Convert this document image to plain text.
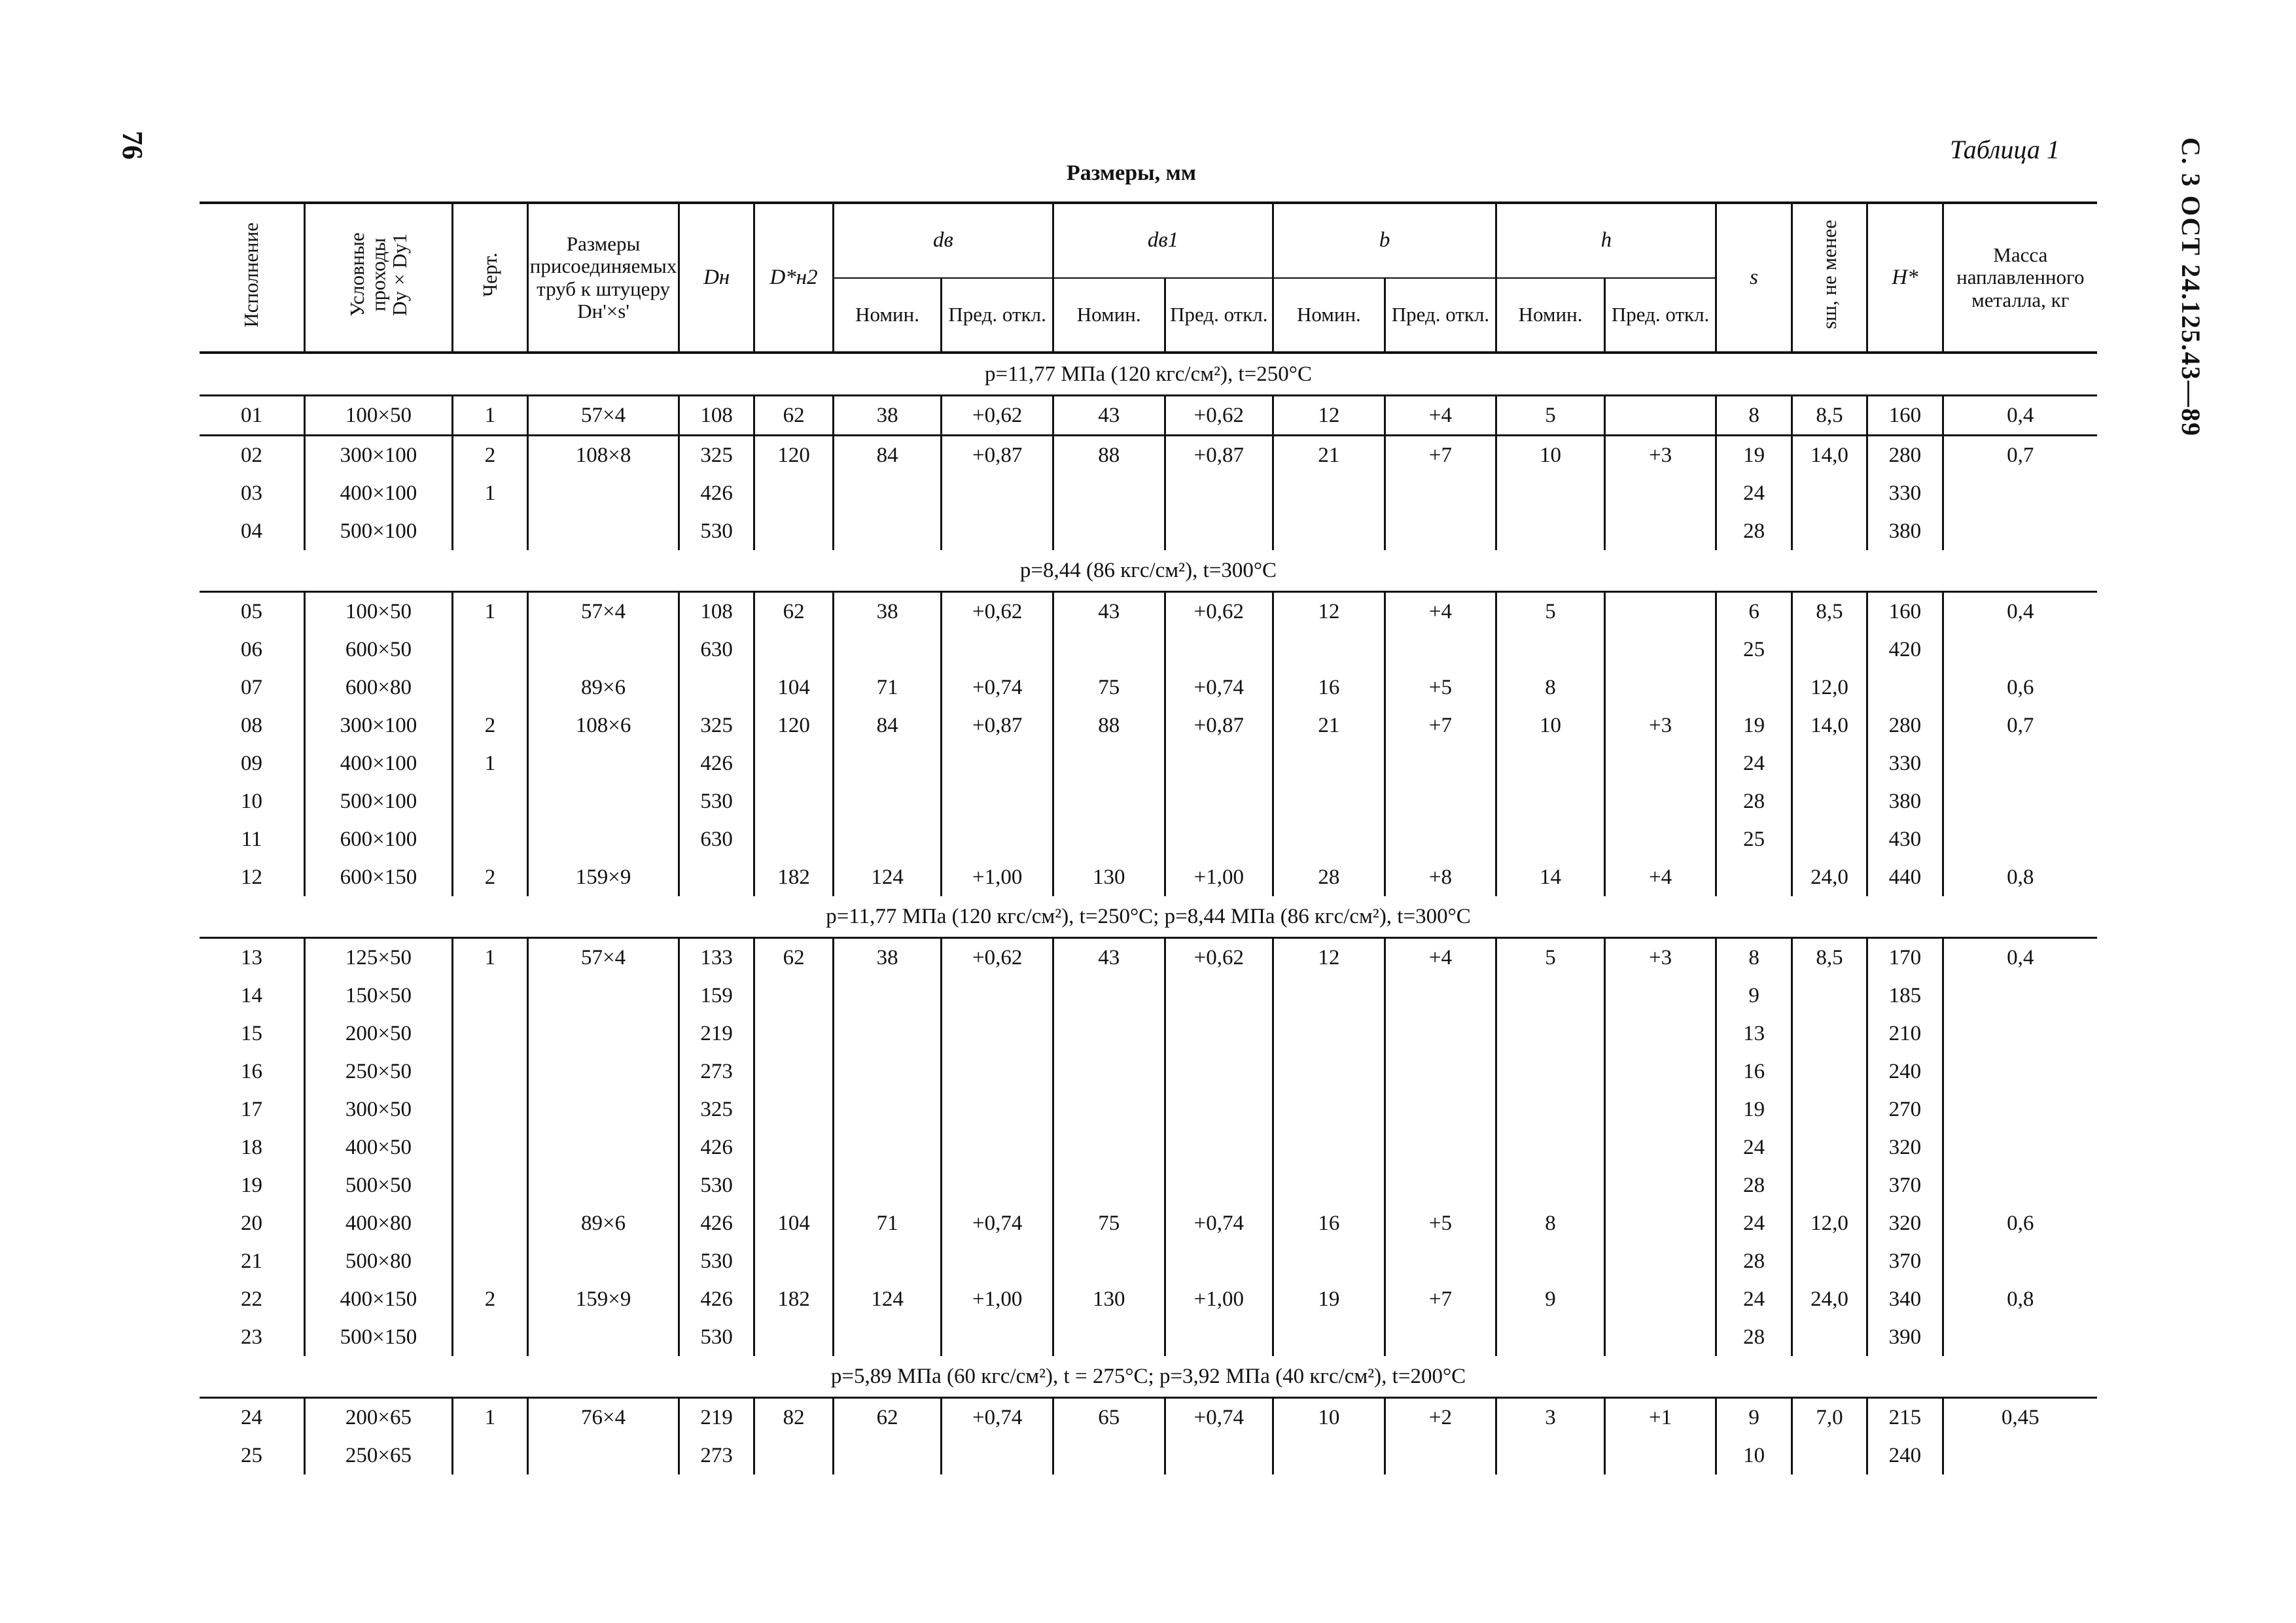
76	С. 3 ОСТ 24.125.43—89
Таблица 1
Размеры, мм
Исполнение	Условные проходы Dу×Dу1	Черт.	Размеры присоединяемых труб к штуцеру Dн'×s'	Dн	D*н2	dв		dв1		b		h		s	sш, не менее	H*	Масса наплавленного металла, кг
						Номин.	Пред. откл.	Номин.	Пред. откл.	Номин.	Пред. откл.	Номин.	Пред. откл.				
p=11,77 МПа (120 кгс/см²), t=250°С																	
01	100×50	1	57×4	108	62	38	+0,62	43	+0,62	12	+4	5		8	8,5	160	0,4
02	300×100	2	108×8	325	120	84	+0,87	88	+0,87	21	+7	10	+3	19	14,0	280	0,7
03	400×100	1		426										24		330	
04	500×100			530										28		380	
p=8,44 (86 кгс/см²), t=300°С																	
05	100×50	1	57×4	108	62	38	+0,62	43	+0,62	12	+4	5		6	8,5	160	0,4
06	600×50			630										25		420	
07	600×80		89×6		104	71	+0,74	75	+0,74	16	+5	8			12,0		0,6
08	300×100	2	108×6	325	120	84	+0,87	88	+0,87	21	+7	10	+3	19	14,0	280	0,7
09	400×100	1		426										24		330	
10	500×100			530										28		380	
11	600×100			630										25		430	
12	600×150	2	159×9		182	124	+1,00	130	+1,00	28	+8	14	+4		24,0	440	0,8
p=11,77 МПа (120 кгс/см²), t=250°С; p=8,44 МПа (86 кгс/см²), t=300°С																	
13	125×50	1	57×4	133	62	38	+0,62	43	+0,62	12	+4	5	+3	8	8,5	170	0,4
14	150×50			159										9		185	
15	200×50			219										13		210	
16	250×50			273										16		240	
17	300×50			325										19		270	
18	400×50			426										24		320	
19	500×50			530										28		370	
20	400×80		89×6	426	104	71	+0,74	75	+0,74	16	+5	8		24	12,0	320	0,6
21	500×80			530										28		370	
22	400×150	2	159×9	426	182	124	+1,00	130	+1,00	19	+7	9		24	24,0	340	0,8
23	500×150			530										28		390	
p=5,89 МПа (60 кгс/см²), t = 275°С; p=3,92 МПа (40 кгс/см²), t=200°С																	
24	200×65	1	76×4	219	82	62	+0,74	65	+0,74	10	+2	3	+1	9	7,0	215	0,45
25	250×65			273										10		240	
